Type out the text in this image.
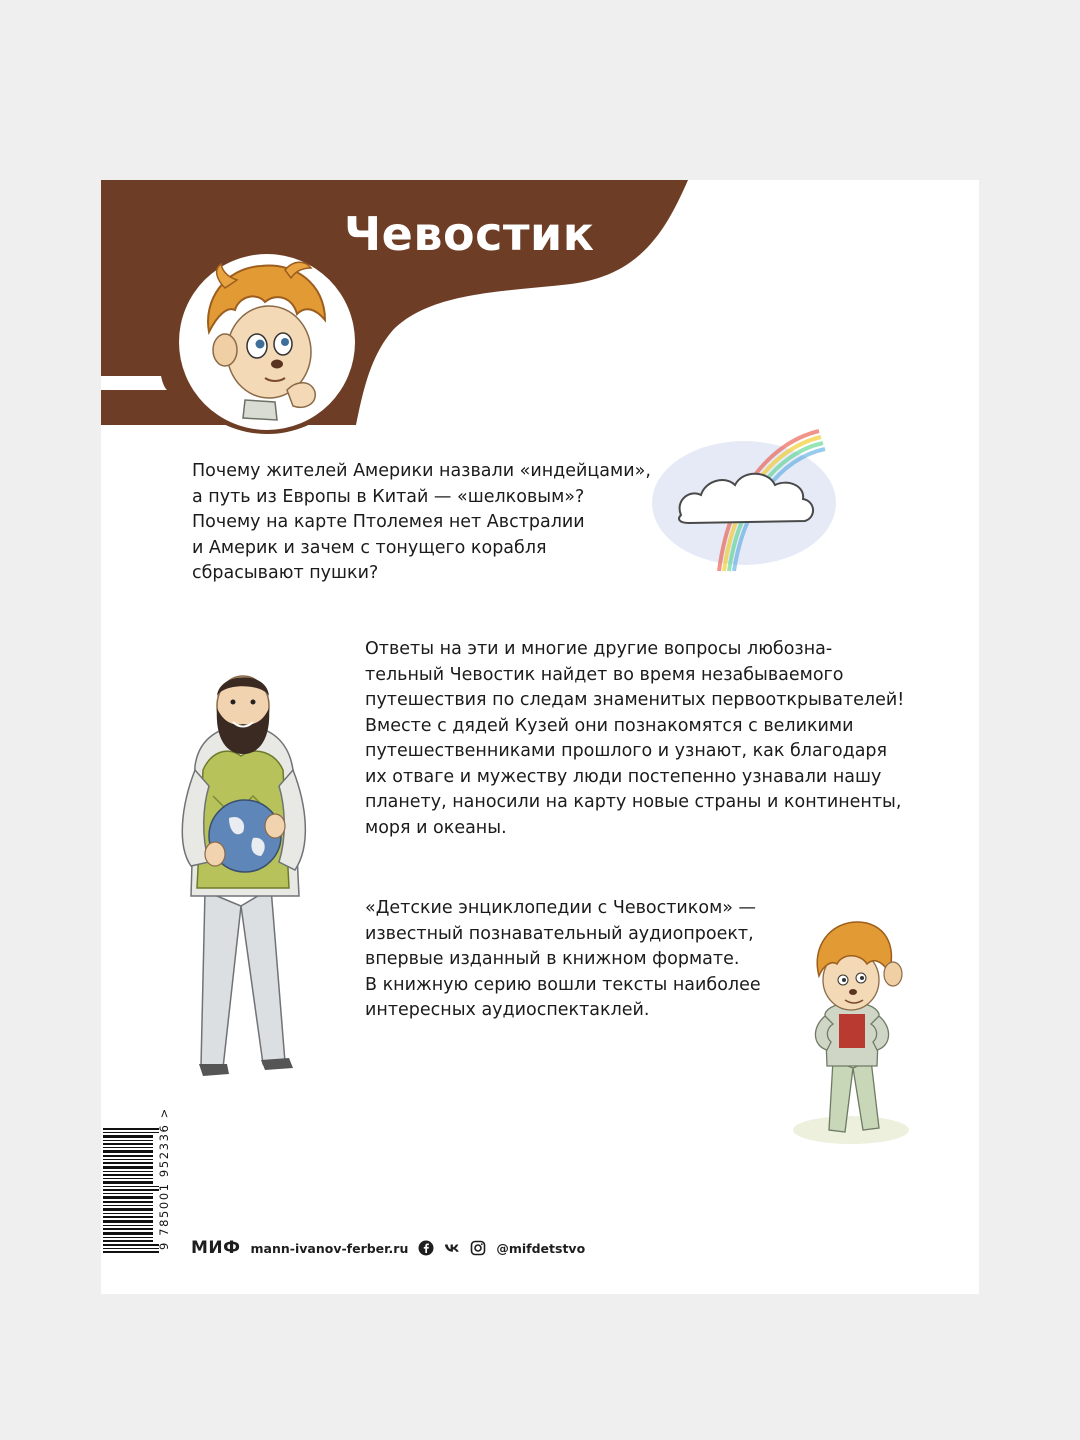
Чевостик

Почему жителей Америки назвали «индейцами»,

а путь из Европы в Китай — «шелковым»?

Почему на карте Птолемея нет Австралии

и Америк и зачем с тонущего корабля

сбрасывают пушки?

Ответы на эти и многие другие вопросы любозна-

тельный Чевостик найдет во время незабываемого

путешествия по следам знаменитых первооткрывателей!

Вместе с дядей Кузей они познакомятся с великими

путешественниками прошлого и узнают, как благодаря

их отваге и мужеству люди постепенно узнавали нашу

планету, наносили на карту новые страны и континенты,

моря и океаны.

«Детские энциклопедии с Чевостиком» —

известный познавательный аудиопроект,

впервые изданный в книжном формате.

В книжную серию вошли тексты наиболее

интересных аудиоспектаклей.

9 785001 952336 > МИФ mann-ivanov-ferber.ru	@mifdetstvo
